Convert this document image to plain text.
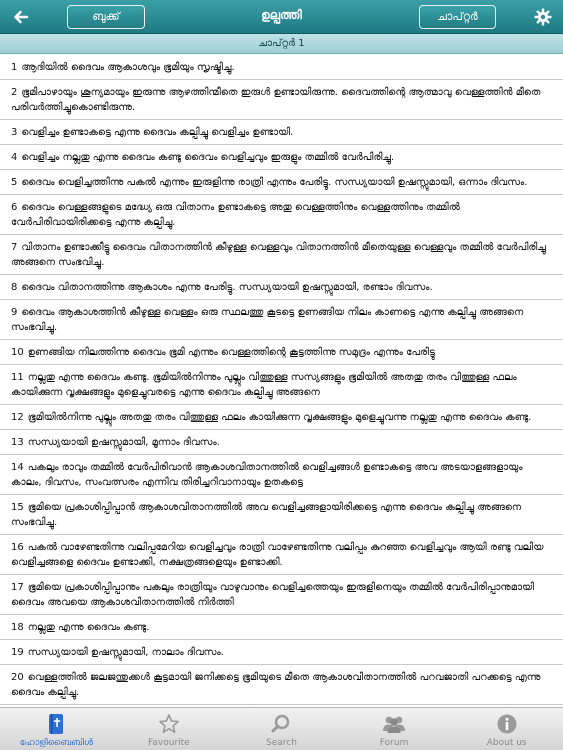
ബുക്ക്	ഉല്പത്തി	ചാപ്റ്റർ
ചാപ്റ്റർ 1
1 ആദിയിൽ ദൈവം ആകാശവും ഭൂമിയും സൃഷ്ടിച്ചു.
2 ഭൂമിപാഴായും ശൂന്യമായും ഇരുന്നു ആഴത്തിന്മീതെ ഇരുൾ ഉണ്ടായിരുന്നു. ദൈവത്തിന്റെ ആത്മാവു വെള്ളത്തിൻ മീതെ പരിവർത്തിച്ചുകൊണ്ടിരുന്നു.
3 വെളിച്ചം ഉണ്ടാകട്ടെ എന്നു ദൈവം കല്പിച്ചു വെളിച്ചം ഉണ്ടായി.
4 വെളിച്ചം നല്ലതു എന്നു ദൈവം കണ്ടു ദൈവം വെളിച്ചവും ഇരുളും തമ്മിൽ വേർപിരിച്ചു.
5 ദൈവം വെളിച്ചത്തിന്നു പകൽ എന്നും ഇരുളിന്നു രാത്രി എന്നും പേരിട്ടു. സന്ധ്യയായി ഉഷസ്സുമായി, ഒന്നാം ദിവസം.
6 ദൈവം വെള്ളങ്ങളുടെ മദ്ധ്യേ ഒരു വിതാനം ഉണ്ടാകട്ടെ അതു വെള്ളത്തിനും വെള്ളത്തിനും തമ്മിൽ വേർപിരിവായിരിക്കട്ടെ എന്നു കല്പിച്ചു.
7 വിതാനം ഉണ്ടാക്കീട്ടു ദൈവം വിതാനത്തിൻ കീഴുള്ള വെള്ളവും വിതാനത്തിൻ മീതെയുള്ള വെള്ളവും തമ്മിൽ വേർപിരിച്ചു അങ്ങനെ സംഭവിച്ചു.
8 ദൈവം വിതാനത്തിന്നു ആകാശം എന്നു പേരിട്ടു. സന്ധ്യയായി ഉഷസ്സുമായി, രണ്ടാം ദിവസം.
9 ദൈവം ആകാശത്തിൻ കീഴുള്ള വെള്ളം ഒരു സ്ഥലത്തു കൂടട്ടെ ഉണങ്ങിയ നിലം കാണട്ടെ എന്നു കല്പിച്ചു അങ്ങനെ സംഭവിച്ചു.
10 ഉണങ്ങിയ നിലത്തിന്നു ദൈവം ഭൂമി എന്നും വെള്ളത്തിന്റെ കൂട്ടത്തിന്നു സമുദ്രം എന്നും പേരിട്ടു
11 നല്ലതു എന്നു ദൈവം കണ്ടു. ഭൂമിയിൽനിന്നും പുല്ലും വിത്തുള്ള സസ്യങ്ങളും ഭൂമിയിൽ അതതു തരം വിത്തുള്ള ഫലം കായിക്കുന്ന വൃക്ഷങ്ങളും മുളെച്ചുവരട്ടെ എന്നു ദൈവം കല്പിച്ചു അങ്ങനെ
12 ഭൂമിയിൽനിന്നു പുല്ലും അതതു തരം വിത്തുള്ള ഫലം കായിക്കുന്ന വൃക്ഷങ്ങളും മുളെച്ചുവന്നു നല്ലതു എന്നു ദൈവം കണ്ടു.
13 സന്ധ്യയായി ഉഷസ്സുമായി, മൂന്നാം ദിവസം.
14 പകലും രാവും തമ്മിൽ വേർപിരിവാൻ ആകാശവിതാനത്തിൽ വെളിച്ചങ്ങൾ ഉണ്ടാകട്ടെ അവ അടയാളങ്ങളായും കാലം, ദിവസം, സംവത്സരം എന്നിവ തിരിച്ചറിവാനായും ഉതകട്ടെ
15 ഭൂമിയെ പ്രകാശിപ്പിപ്പാൻ ആകാശവിതാനത്തിൽ അവ വെളിച്ചങ്ങളായിരിക്കട്ടെ എന്നു ദൈവം കല്പിച്ചു അങ്ങനെ സംഭവിച്ചു.
16 പകൽ വാഴേണ്ടതിന്നു വലിപ്പമേറിയ വെളിച്ചവും രാത്രി വാഴേണ്ടതിന്നു വലിപ്പം കുറഞ്ഞ വെളിച്ചവും ആയി രണ്ടു വലിയ വെളിച്ചങ്ങളെ ദൈവം ഉണ്ടാക്കി, നക്ഷത്രങ്ങളെയും ഉണ്ടാക്കി.
17 ഭൂമിയെ പ്രകാശിപ്പിപ്പാനും പകലും രാത്രിയും വാഴുവാനും വെളിച്ചത്തെയും ഇരുളിനെയും തമ്മിൽ വേർപിരിപ്പാനുമായി ദൈവം അവയെ ആകാശവിതാനത്തിൽ നിർത്തി
18 നല്ലതു എന്നു ദൈവം കണ്ടു.
19 സന്ധ്യയായി ഉഷസ്സുമായി, നാലാം ദിവസം.
20 വെള്ളത്തിൽ ജലജന്തുക്കൾ കൂട്ടമായി ജനിക്കട്ടെ ഭൂമിയുടെ മീതെ ആകാശവിതാനത്തിൽ പറവജാതി പറക്കട്ടെ എന്നു ദൈവം കല്പിച്ചു.
ഹോളിബൈബിൾ	Favourite	Search	Forum	About us
